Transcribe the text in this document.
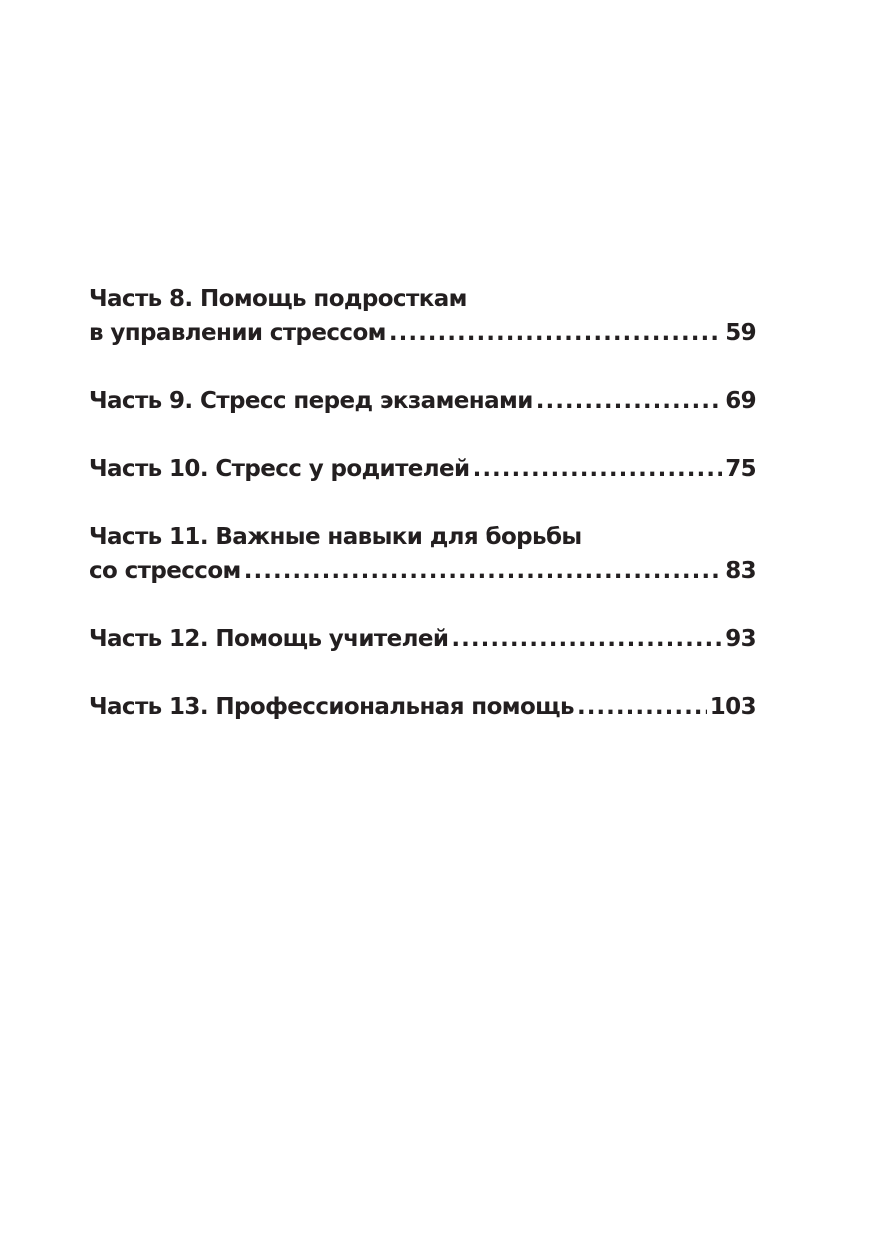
Часть 8. Помощь подросткам
в управлении стрессом .....	59
Часть 9. Стресс перед экзаменами .....	69
Часть 10. Стресс у родителей .....	75
Часть 11. Важные навыки для борьбы
со стрессом .....	83
Часть 12. Помощь учителей .....	93
Часть 13. Профессиональная помощь .....	103
